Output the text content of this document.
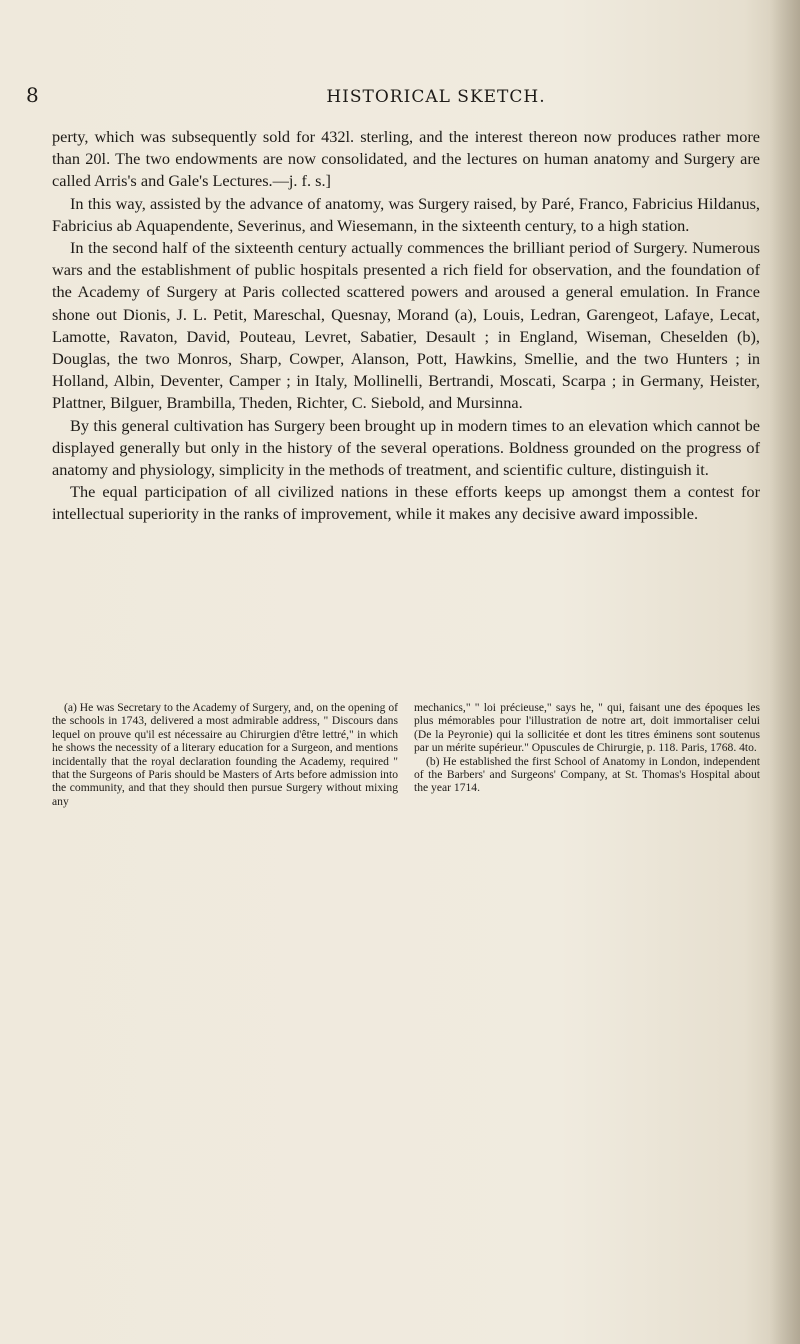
8	HISTORICAL SKETCH.

perty, which was subsequently sold for 432l. sterling, and the interest thereon now produces rather more than 20l. The two endowments are now consolidated, and the lectures on human anatomy and Surgery are called Arris's and Gale's Lectures.—j. f. s.]

In this way, assisted by the advance of anatomy, was Surgery raised, by Paré, Franco, Fabricius Hildanus, Fabricius ab Aquapendente, Severinus, and Wiesemann, in the sixteenth century, to a high station.

In the second half of the sixteenth century actually commences the brilliant period of Surgery. Numerous wars and the establishment of public hospitals presented a rich field for observation, and the foundation of the Academy of Surgery at Paris collected scattered powers and aroused a general emulation. In France shone out Dionis, J. L. Petit, Mareschal, Quesnay, Morand (a), Louis, Ledran, Garengeot, Lafaye, Lecat, Lamotte, Ravaton, David, Pouteau, Levret, Sabatier, Desault ; in England, Wiseman, Cheselden (b), Douglas, the two Monros, Sharp, Cowper, Alanson, Pott, Hawkins, Smellie, and the two Hunters ; in Holland, Albin, Deventer, Camper ; in Italy, Mollinelli, Bertrandi, Moscati, Scarpa ; in Germany, Heister, Plattner, Bilguer, Brambilla, Theden, Richter, C. Siebold, and Mursinna.

By this general cultivation has Surgery been brought up in modern times to an elevation which cannot be displayed generally but only in the history of the several operations. Boldness grounded on the progress of anatomy and physiology, simplicity in the methods of treatment, and scientific culture, distinguish it.

The equal participation of all civilized nations in these efforts keeps up amongst them a contest for intellectual superiority in the ranks of improvement, while it makes any decisive award impossible.

(a) He was Secretary to the Academy of Surgery, and, on the opening of the schools in 1743, delivered a most admirable address, " Discours dans lequel on prouve qu'il est nécessaire au Chirurgien d'être lettré," in which he shows the necessity of a literary education for a Surgeon, and mentions incidentally that the royal declaration founding the Academy, required " that the Surgeons of Paris should be Masters of Arts before admission into the community, and that they should then pursue Surgery without mixing any

mechanics," " loi précieuse," says he, " qui, faisant une des époques les plus mémorables pour l'illustration de notre art, doit immortaliser celui (De la Peyronie) qui la sollicitée et dont les titres éminens sont soutenus par un mérite supérieur." Opuscules de Chirurgie, p. 118. Paris, 1768. 4to.

(b) He established the first School of Anatomy in London, independent of the Barbers' and Surgeons' Company, at St. Thomas's Hospital about the year 1714.
